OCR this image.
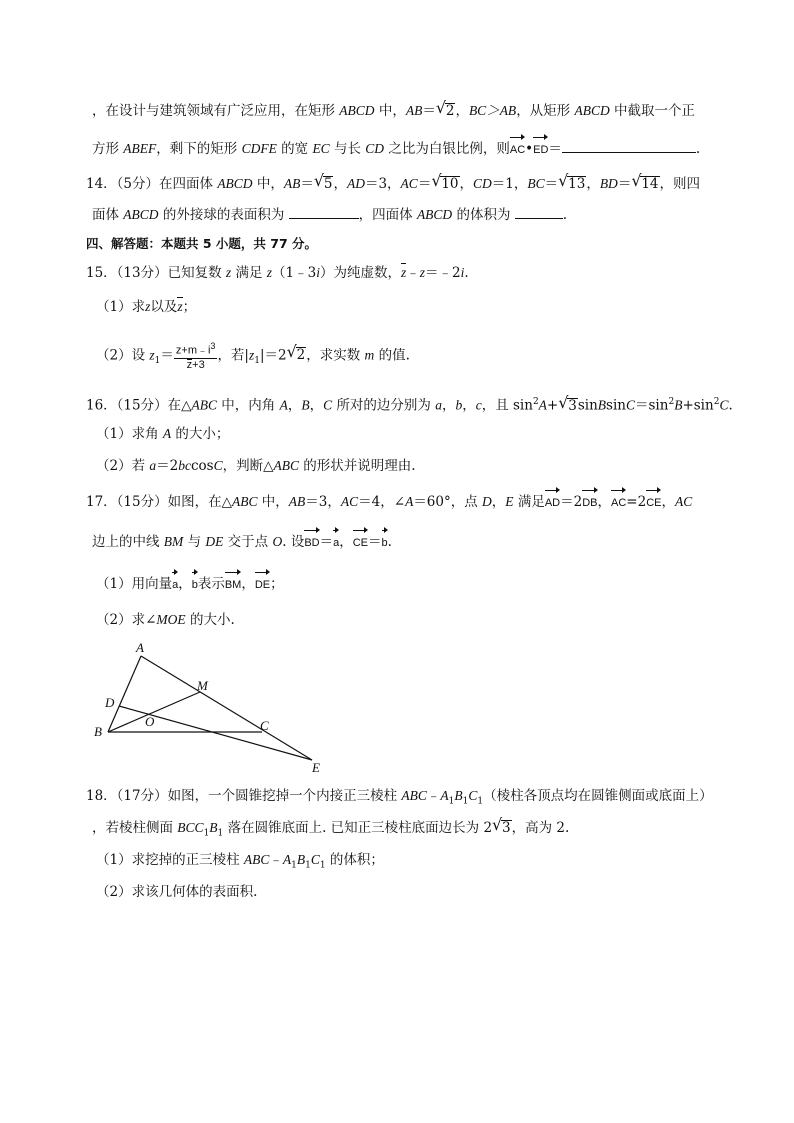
，在设计与建筑领域有广泛应用，在矩形 ABCD 中，AB＝ √ 2，BC＞AB，从矩形 ABCD 中截取一个正
方形 ABEF，剩下的矩形 CDFE 的宽 EC 与长 CD 之比为白银比例，则AC•ED＝	.
14．（5分）在四面体 ABCD 中，AB＝ √ 5，AD＝3，AC＝ √ 10，CD＝1，BC＝ √ 13，BD＝ √ 14，则四
面体 ABCD 的外接球的表面积为	，四面体 ABCD 的体积为	.
四、解答题：本题共 5 小题，共 77 分。
15．（13分）已知复数 z 满足 z（1﹣3i）为纯虚数，z﹣z＝﹣2i.
（1）求z以及z；
（2）设 $z_1= \frac{z+m﹣i^3}{z+3}$ ，若$|z_1|=2$ √ 2，求实数 m 的值.
16．（15分）在△ABC 中，内角 A，B，C 所对的边分别为 a，b，c，且 $\sin^2A+$ √ $3sinBsinC=\sin^2B+\sin^2C$.
（1）求角 A 的大小；
（2）若 a＝2bccosC，判断△ABC 的形状并说明理由.
17．（15分）如图，在△ABC 中，AB＝3，AC＝4，∠A＝60°，点 D，E 满足AD＝2DB，AC=2CE，AC
边上的中线 BM 与 DE 交于点 O. 设BD＝a，CE＝b.
（1）用向量a，b表示BM，DE；
（2）求∠MOE 的大小.
A
B	C
D
E
M
O
18．（17分）如图，一个圆锥挖掉一个内接正三棱柱 $ABC﹣A_1B_1C_1$（棱柱各顶点均在圆锥侧面或底面上）
，若棱柱侧面 $BCC_1B_1$ 落在圆锥底面上. 已知正三棱柱底面边长为 2 √ 3，高为 2.
（1）求挖掉的正三棱柱 $ABC﹣A_1B_1C_1$ 的体积；
（2）求该几何体的表面积.
